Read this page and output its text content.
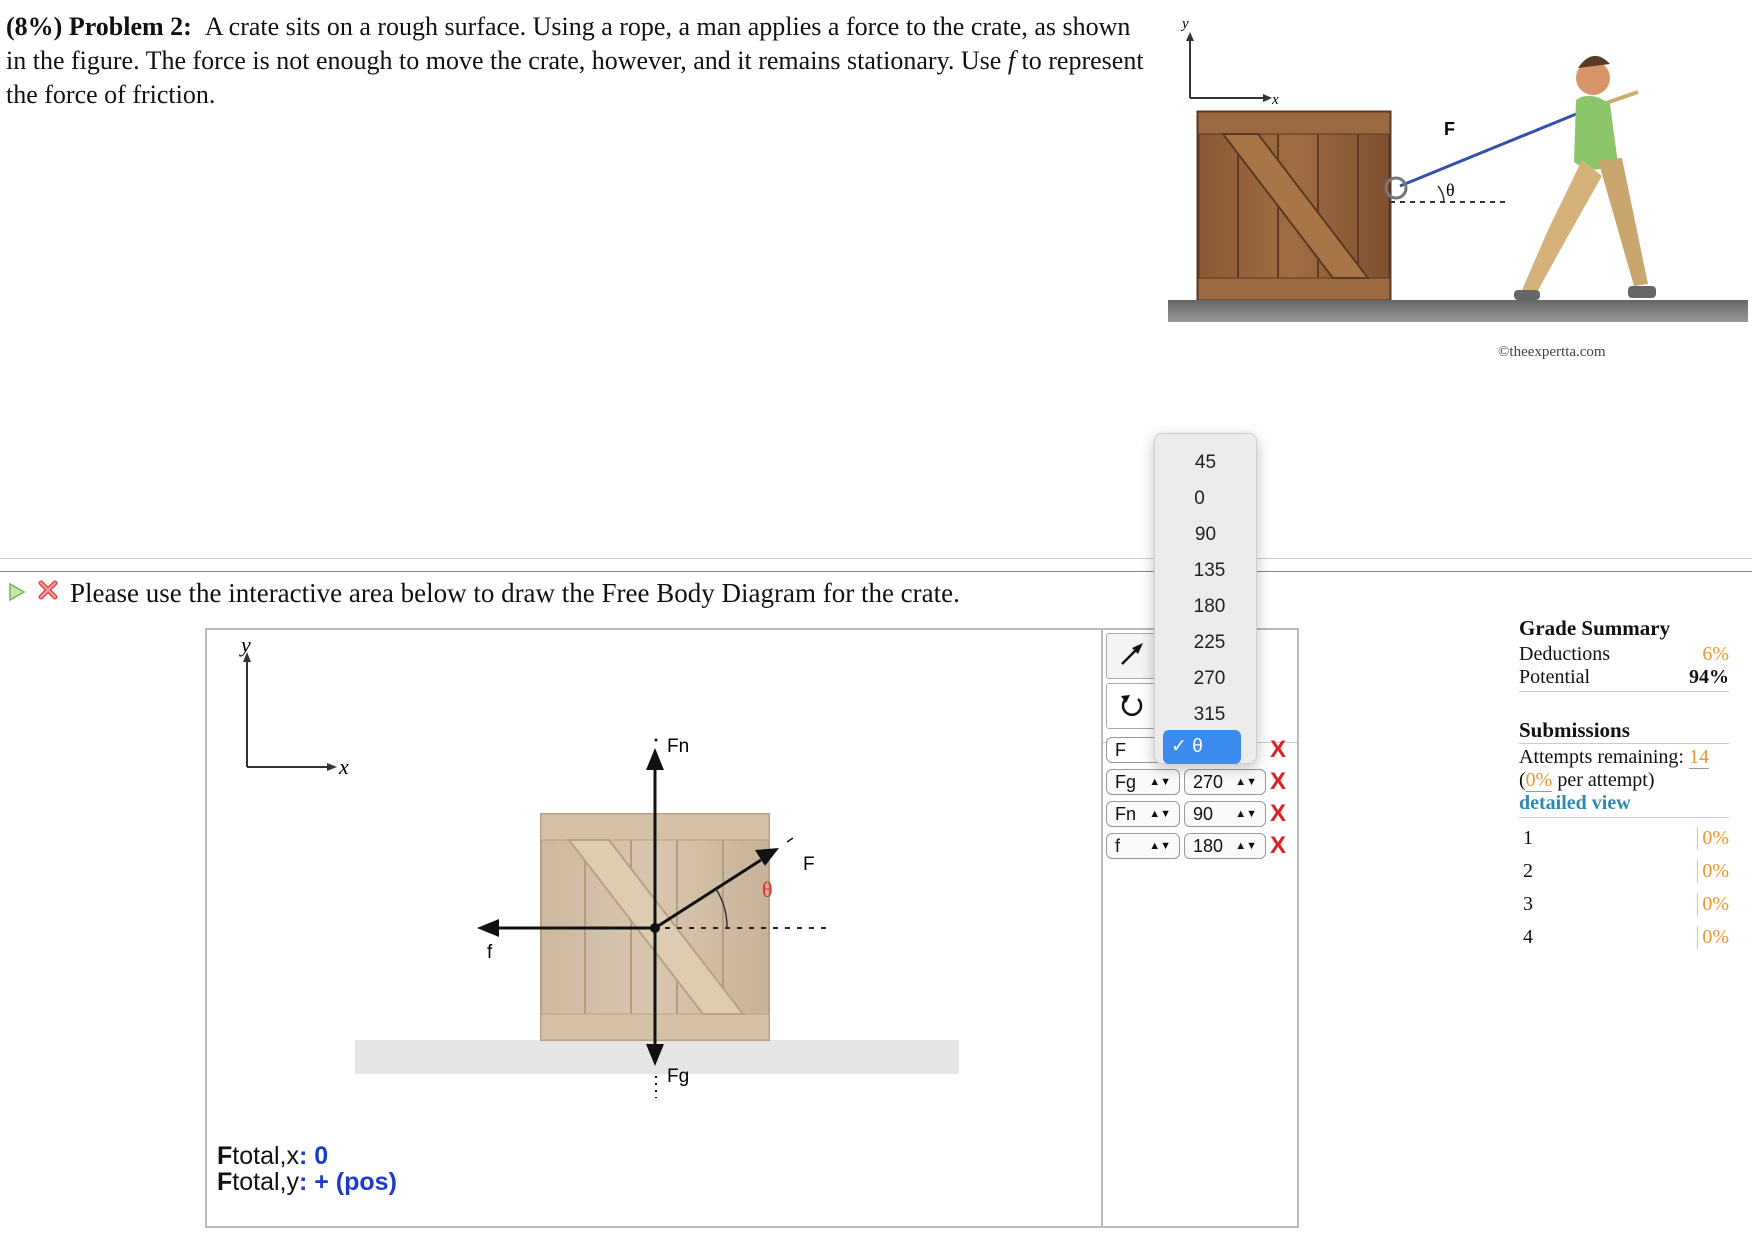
(8%) Problem 2: A crate sits on a rough surface. Using a rope, a man applies a force to the crate, as shown in the figure. The force is not enough to move the crate, however, and it remains stationary. Use f to represent the force of friction.
y
x
θ
F
©theexpertta.com
Please use the interactive area below to draw the Free Body Diagram for the crate.
y
x
Fn
Fg
f
θ
F
Ftotal,x: 0
Ftotal,y: + (pos)
F	X
Fg ▲▼ 270 ▲▼ X
Fn ▲▼ 90 ▲▼ X
f	▲▼ 180 ▲▼ X
45
0
90
135
180
225
270
315
✓ θ
Grade Summary
Deductions	6%
Potential	94%
Submissions
Attempts remaining: 14
(0% per attempt)
detailed view
1	0%
2	0%
3	0%
4	0%
